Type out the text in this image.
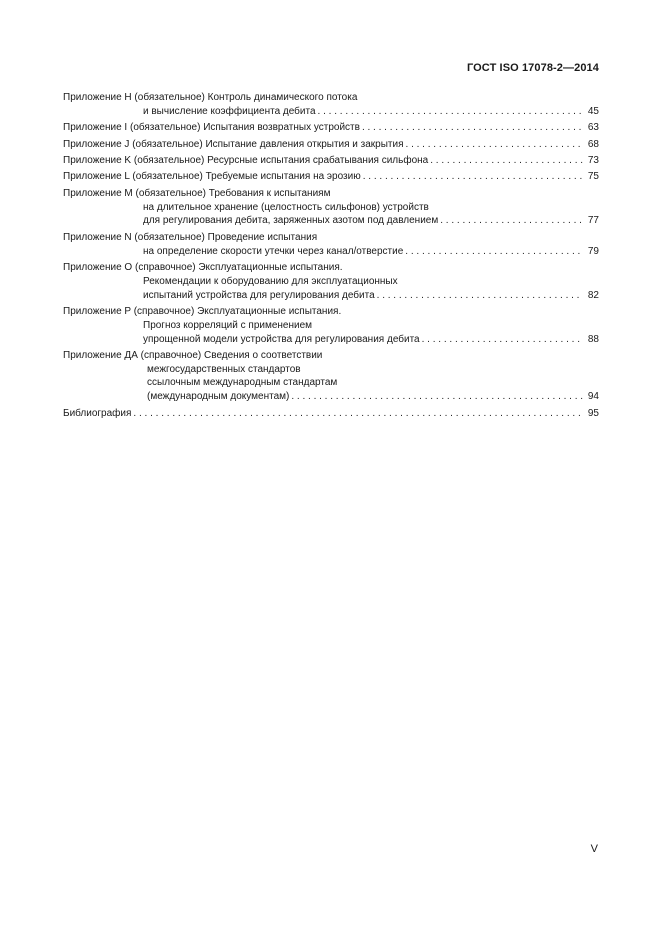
ГОСТ ISO 17078-2—2014
Приложение H (обязательное) Контроль динамического потока
и вычисление коэффициента дебита . . .	45
Приложение I (обязательное) Испытания возвратных устройств . . .	63
Приложение J (обязательное) Испытание давления открытия и закрытия . . .	68
Приложение K (обязательное) Ресурсные испытания срабатывания сильфона . . .	73
Приложение L (обязательное) Требуемые испытания на эрозию . . .	75
Приложение M (обязательное) Требования к испытаниям
на длительное хранение (целостность сильфонов) устройств
для регулирования дебита, заряженных азотом под давлением . . .	77
Приложение N (обязательное) Проведение испытания
на определение скорости утечки через канал/отверстие . . .	79
Приложение O (справочное) Эксплуатационные испытания.
Рекомендации к оборудованию для эксплуатационных
испытаний устройства для регулирования дебита . . .	82
Приложение P (справочное) Эксплуатационные испытания.
Прогноз корреляций с применением
упрощенной модели устройства для регулирования дебита . . .	88
Приложение ДА (справочное) Сведения о соответствии
межгосударственных стандартов
ссылочным международным стандартам
(международным документам) . . .	94
Библиография . . .	95
V
